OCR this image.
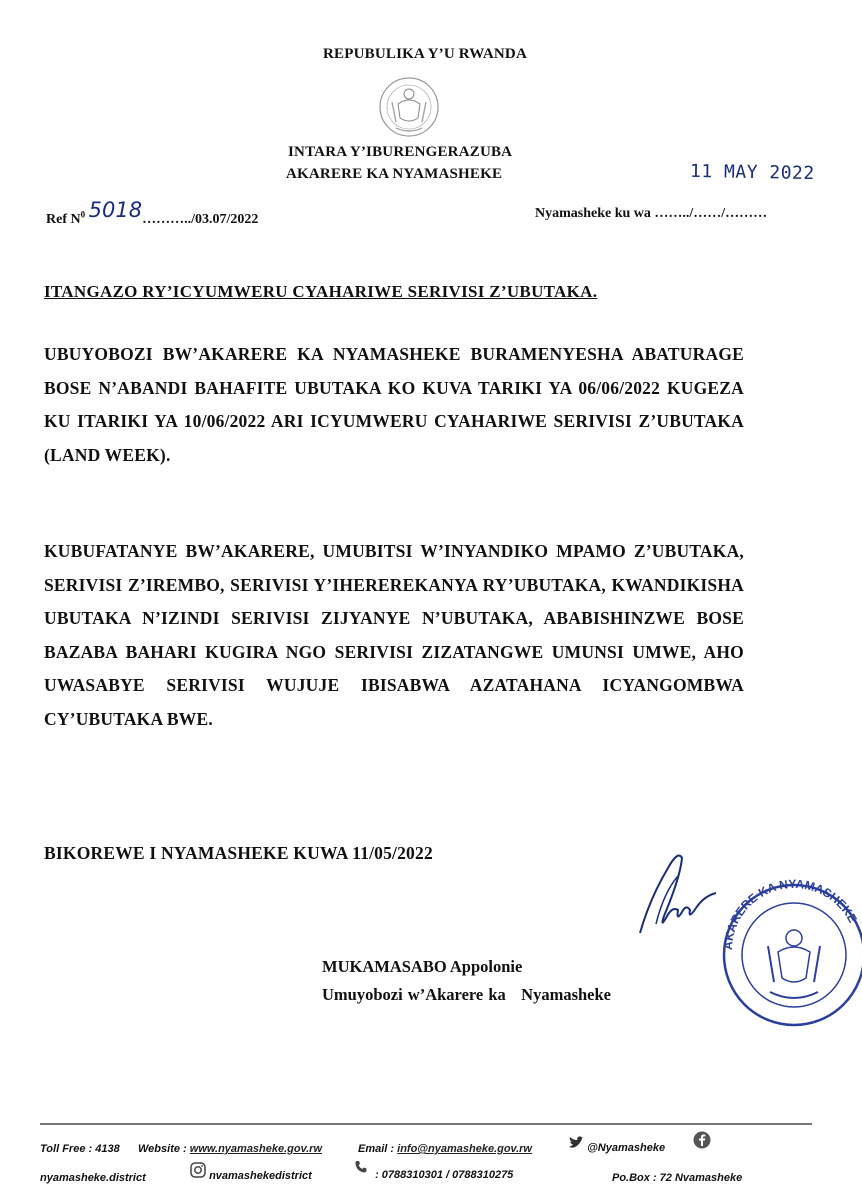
REPUBULIKA Y’U RWANDA
INTARA Y’IBURENGERAZUBA
AKARERE KA NYAMASHEKE	11 MAY 2022
Ref $N^0$ 5018………../03.07/2022	Nyamasheke ku wa ……../……/………
ITANGAZO RY’ICYUMWERU CYAHARIWE SERIVISI Z’UBUTAKA.
UBUYOBOZI BW’AKARERE KA NYAMASHEKE BURAMENYESHA ABATURAGE BOSE N’ABANDI BAHAFITE UBUTAKA KO KUVA TARIKI YA 06/06/2022 KUGEZA KU ITARIKI YA 10/06/2022 ARI ICYUMWERU CYAHARIWE SERIVISI Z’UBUTAKA (LAND WEEK).
KUBUFATANYE BW’AKARERE, UMUBITSI W’INYANDIKO MPAMO Z’UBUTAKA, SERIVISI Z’IREMBO, SERIVISI Y’IHEREREKANYA RY’UBUTAKA, KWANDIKISHA UBUTAKA N’IZINDI SERIVISI ZIJYANYE N’UBUTAKA, ABABISHINZWE BOSE BAZABA BAHARI KUGIRA NGO SERIVISI ZIZATANGWE UMUNSI UMWE, AHO UWASABYE SERIVISI WUJUJE IBISABWA AZATAHANA ICYANGOMBWA CY’UBUTAKA BWE.
BIKOREWE I NYAMASHEKE KUWA 11/05/2022
AKARERE KA NYAMASHEKE
MUKAMASABO Appolonie
Umuyobozi w’Akarere ka   Nyamasheke
Toll Free : 4138 Website : www.nyamasheke.gov.rw	Email : info@nyamasheke.gov.rw	@Nyamasheke
nyamasheke.district	nvamashekedistrict	: 0788310301 / 0788310275	Po.Box : 72 Nvamasheke
